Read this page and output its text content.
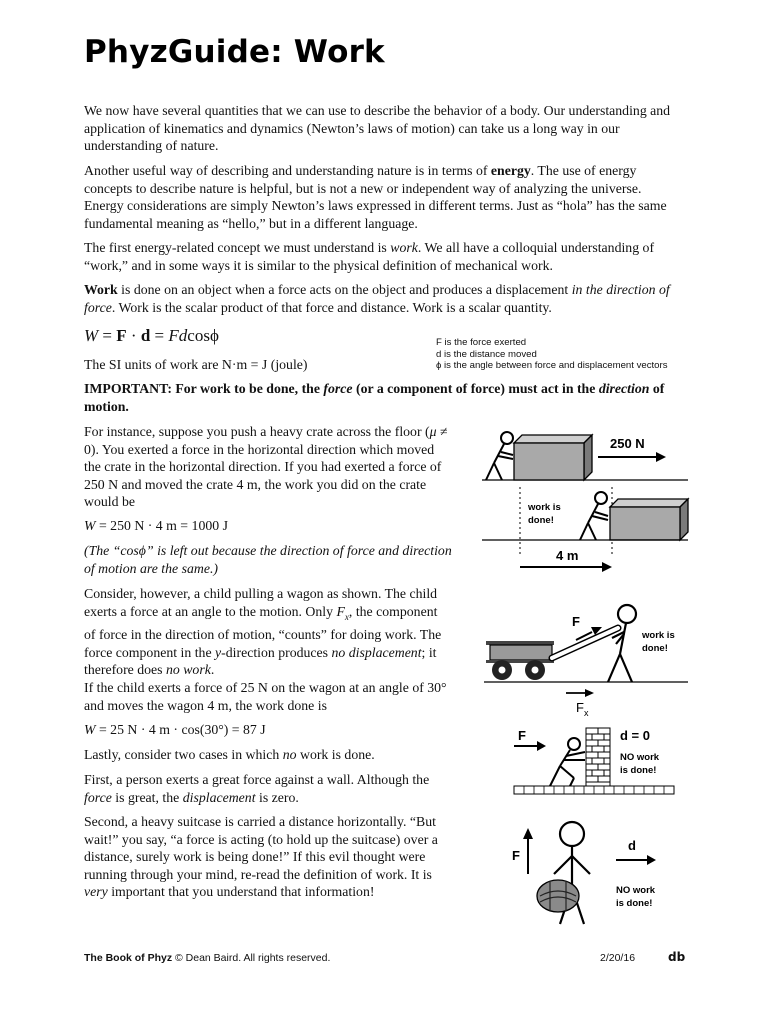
PhyzGuide: Work

We now have several quantities that we can use to describe the behavior of a body. Our understanding and application of kinematics and dynamics (Newton’s laws of motion) can take us a long way in our understanding of nature.

Another useful way of describing and understanding nature is in terms of energy. The use of energy concepts to describe nature is helpful, but is not a new or independent way of analyzing the universe. Energy considerations are simply Newton’s laws expressed in different terms. Just as “hola” has the same fundamental meaning as “hello,” but in a different language.

The first energy-related concept we must understand is work. We all have a colloquial understanding of “work,” and in some ways it is similar to the physical definition of mechanical work.

Work is done on an object when a force acts on the object and produces a displacement in the direction of force. Work is the scalar product of that force and distance. Work is a scalar quantity.

W = F · d = Fdcosϕ	F is the force exerted
d is the distance moved
ϕ is the angle between force and displacement vectors

The SI units of work are N·m = J (joule)

IMPORTANT: For work to be done, the force (or a component of force) must act in the direction of motion.

For instance, suppose you push a heavy crate across the floor (μ ≠ 0). You exerted a force in the horizontal direction which moved the crate in the horizontal direction. If you had exerted a force of 250 N and moved the crate 4 m, the work you did on the crate would be

W = 250 N · 4 m = 1000 J

(The “cosϕ” is left out because the direction of force and direction of motion are the same.)

Consider, however, a child pulling a wagon as shown. The child exerts a force at an angle to the motion. Only $F_x$, the component of force in the direction of motion, “counts” for doing work. The force component in the y-direction produces no displacement; it therefore does no work.

If the child exerts a force of 25 N on the wagon at an angle of 30° and moves the wagon 4 m, the work done is

W = 25 N · 4 m · cos(30°) = 87 J

Lastly, consider two cases in which no work is done.

First, a person exerts a great force against a wall. Although the force is great, the displacement is zero.

Second, a heavy suitcase is carried a distance horizontally. “But wait!” you say, “a force is acting (to hold up the suitcase) over a distance, surely work is being done!” If this evil thought were running through your mind, re-read the definition of work. It is very important that you understand that information!

250 N
work is
done!
4 m
F
work is
done!
$F_x$
F	d = 0
NO work
is done!
F
d
NO work
is done!
The Book of Phyz © Dean Baird. All rights reserved.	2/20/16	db
